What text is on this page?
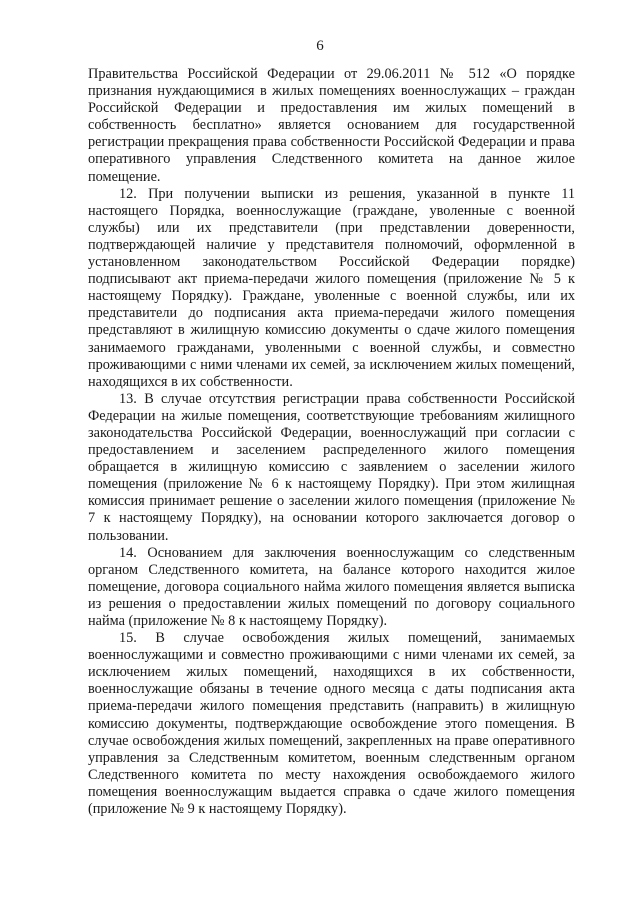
6

Правительства Российской Федерации от 29.06.2011 № 512 «О порядке признания нуждающимися в жилых помещениях военнослужащих – граждан Российской Федерации и предоставления им жилых помещений в собственность бесплатно» является основанием для государственной регистрации прекращения права собственности Российской Федерации и права оперативного управления Следственного комитета на данное жилое помещение.

12. При получении выписки из решения, указанной в пункте 11 настоящего Порядка, военнослужащие (граждане, уволенные с военной службы) или их представители (при представлении доверенности, подтверждающей наличие у представителя полномочий, оформленной в установленном законодательством Российской Федерации порядке) подписывают акт приема-передачи жилого помещения (приложение № 5 к настоящему Порядку). Граждане, уволенные с военной службы, или их представители до подписания акта приема-передачи жилого помещения представляют в жилищную комиссию документы о сдаче жилого помещения занимаемого гражданами, уволенными с военной службы, и совместно проживающими с ними членами их семей, за исключением жилых помещений, находящихся в их собственности.

13. В случае отсутствия регистрации права собственности Российской Федерации на жилые помещения, соответствующие требованиям жилищного законодательства Российской Федерации, военнослужащий при согласии с предоставлением и заселением распределенного жилого помещения обращается в жилищную комиссию с заявлением о заселении жилого помещения (приложение № 6 к настоящему Порядку). При этом жилищная комиссия принимает решение о заселении жилого помещения (приложение № 7 к настоящему Порядку), на основании которого заключается договор о пользовании.

14. Основанием для заключения военнослужащим со следственным органом Следственного комитета, на балансе которого находится жилое помещение, договора социального найма жилого помещения является выписка из решения о предоставлении жилых помещений по договору социального найма (приложение № 8 к настоящему Порядку).

15. В случае освобождения жилых помещений, занимаемых военнослужащими и совместно проживающими с ними членами их семей, за исключением жилых помещений, находящихся в их собственности, военнослужащие обязаны в течение одного месяца с даты подписания акта приема-передачи жилого помещения представить (направить) в жилищную комиссию документы, подтверждающие освобождение этого помещения. В случае освобождения жилых помещений, закрепленных на праве оперативного управления за Следственным комитетом, военным следственным органом Следственного комитета по месту нахождения освобождаемого жилого помещения военнослужащим выдается справка о сдаче жилого помещения (приложение № 9 к настоящему Порядку).
